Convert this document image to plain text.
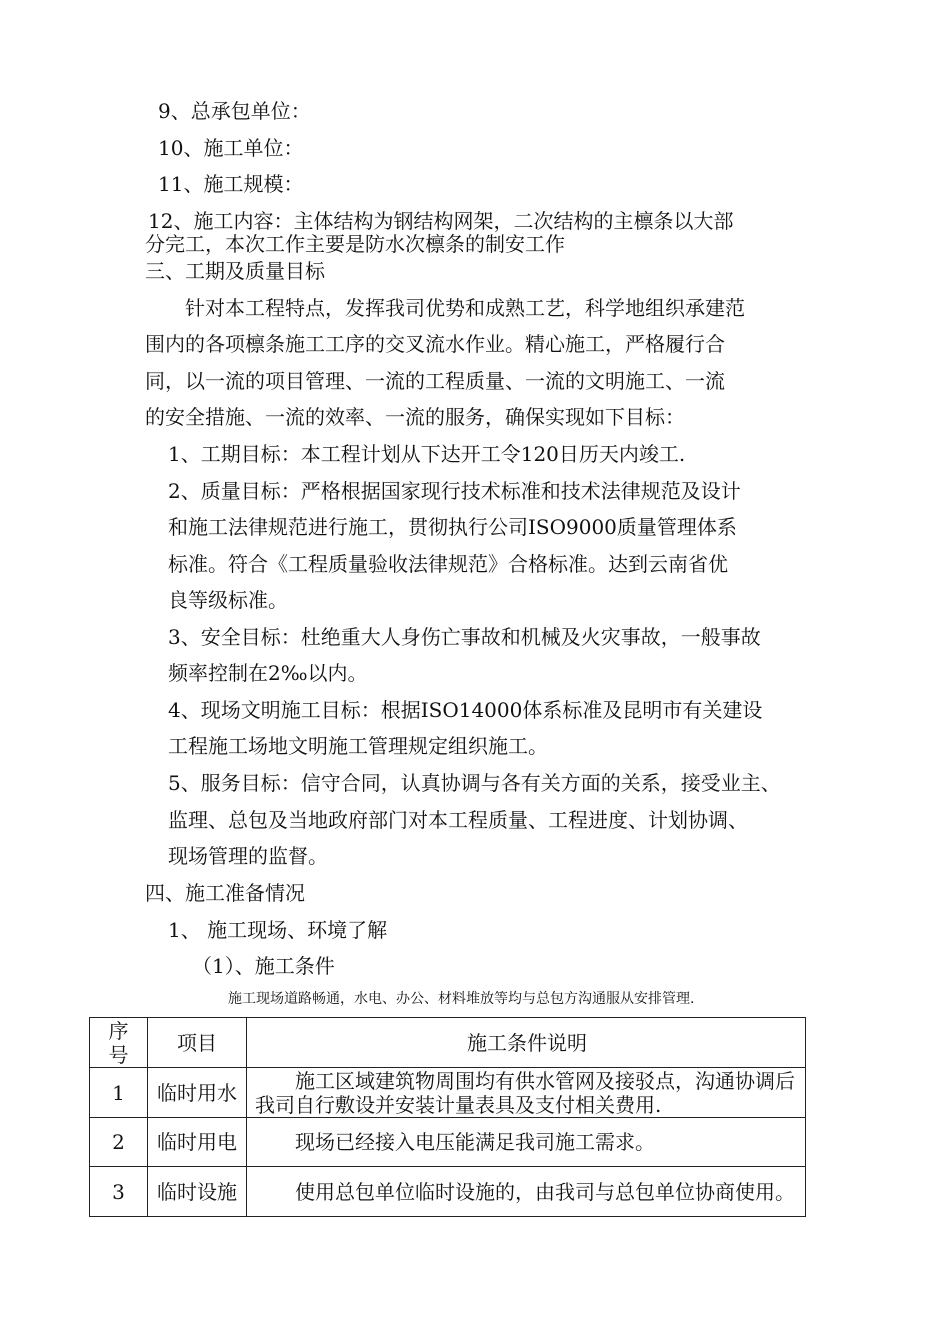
9、总承包单位：
10、施工单位：
11、施工规模：
12、施工内容：主体结构为钢结构网架，二次结构的主檩条以大部
分完工，本次工作主要是防水次檩条的制安工作
三、工期及质量目标
针对本工程特点，发挥我司优势和成熟工艺，科学地组织承建范
围内的各项檩条施工工序的交叉流水作业。精心施工，严格履行合
同，以一流的项目管理、一流的工程质量、一流的文明施工、一流
的安全措施、一流的效率、一流的服务，确保实现如下目标：
1、工期目标：本工程计划从下达开工令120日历天内竣工.
2、质量目标：严格根据国家现行技术标准和技术法律规范及设计
和施工法律规范进行施工，贯彻执行公司ISO9000质量管理体系
标准。符合《工程质量验收法律规范》合格标准。达到云南省优
良等级标准。
3、安全目标：杜绝重大人身伤亡事故和机械及火灾事故，一般事故
频率控制在2‰以内。
4、现场文明施工目标：根据ISO14000体系标准及昆明市有关建设
工程施工场地文明施工管理规定组织施工。
5、服务目标：信守合同，认真协调与各有关方面的关系，接受业主、
监理、总包及当地政府部门对本工程质量、工程进度、计划协调、
现场管理的监督。
四、施工准备情况
1、 施工现场、环境了解
（1）、施工条件
施工现场道路畅通，水电、办公、材料堆放等均与总包方沟通服从安排管理.
序号	项目	施工条件说明
1	临时用水	施工区域建筑物周围均有供水管网及接驳点，沟通协调后我司自行敷设并安装计量表具及支付相关费用.
2	临时用电	现场已经接入电压能满足我司施工需求。
3	临时设施	使用总包单位临时设施的，由我司与总包单位协商使用。
